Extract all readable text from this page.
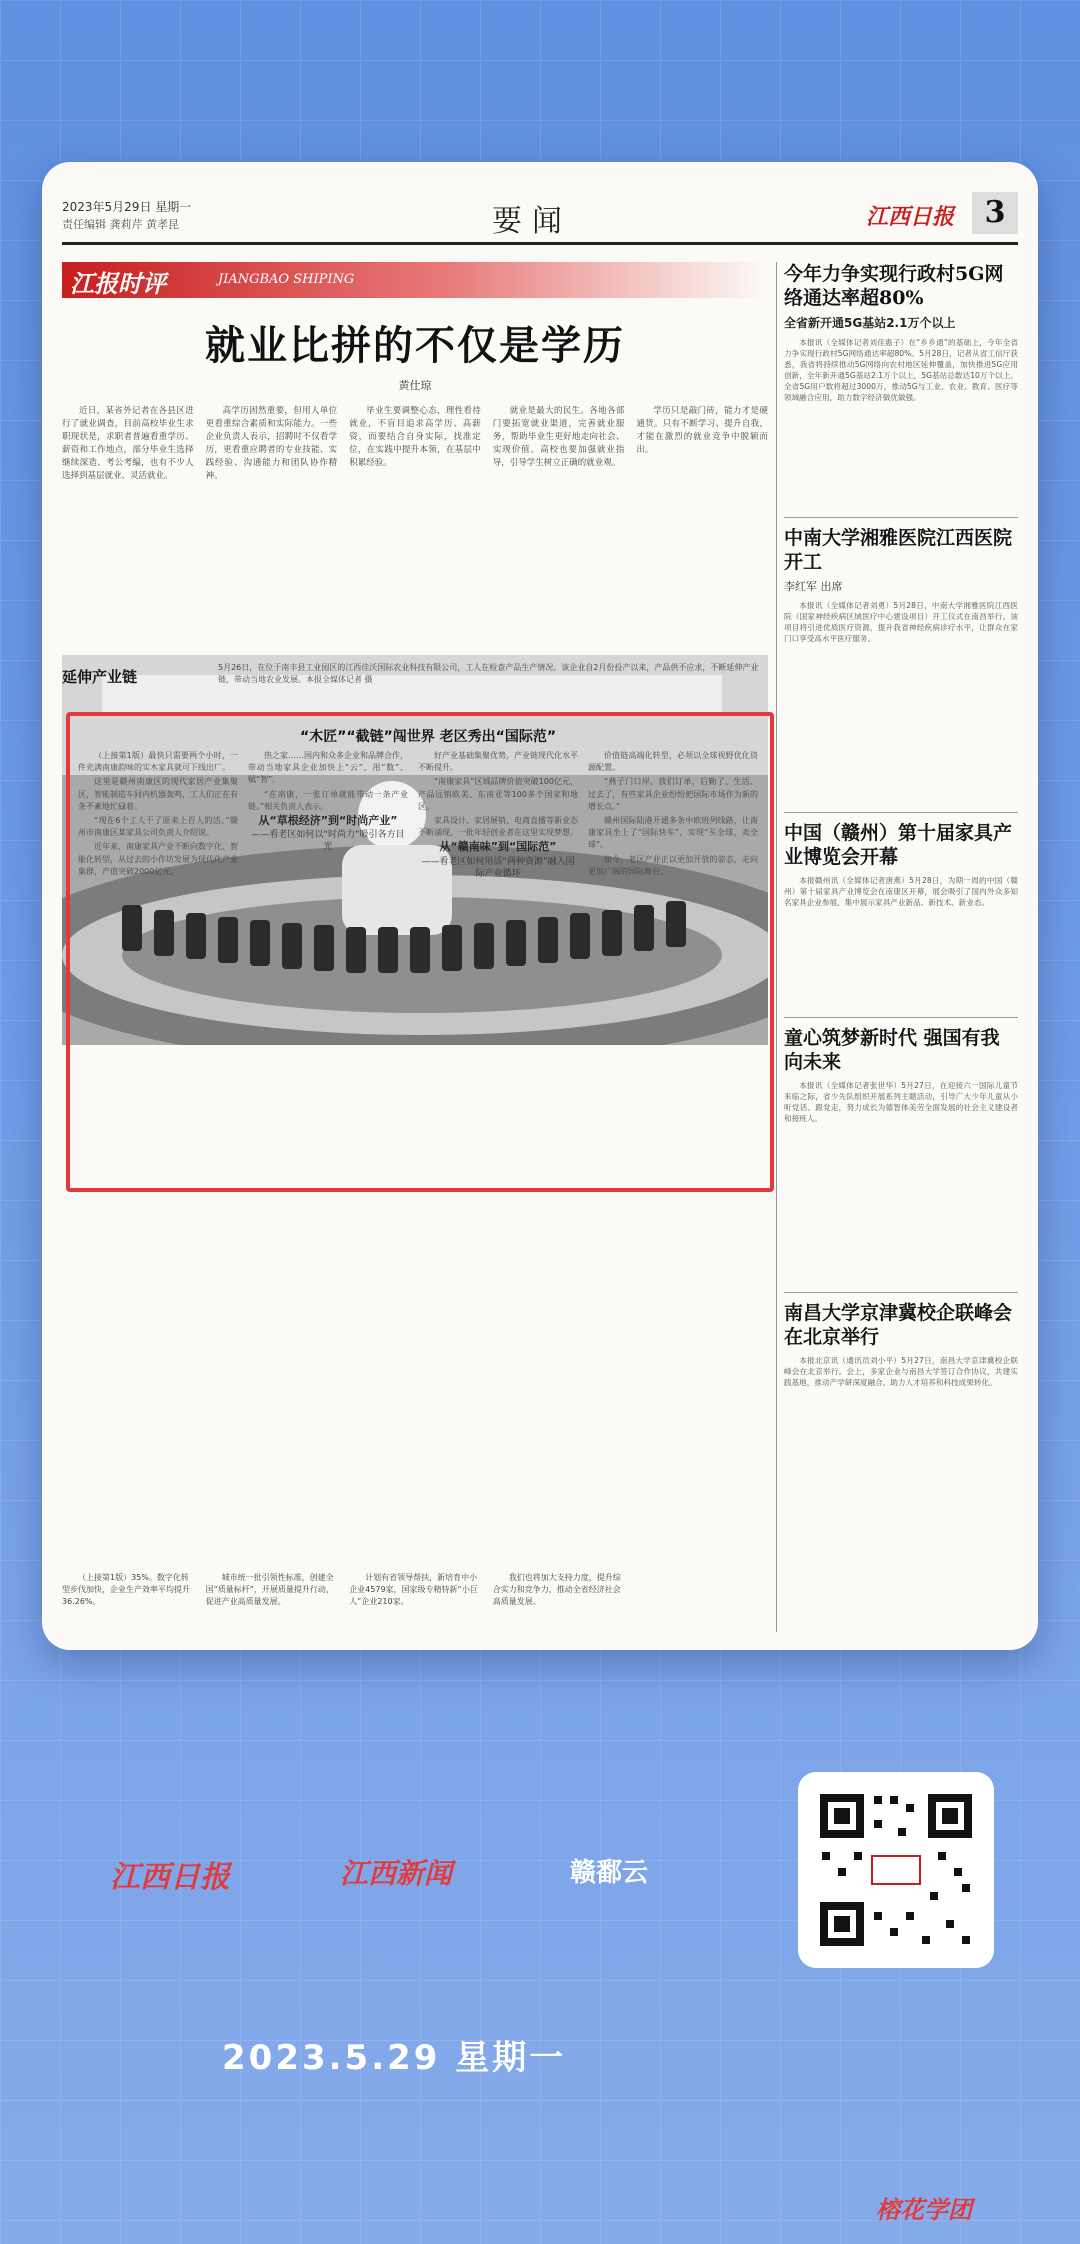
2023年5月29日 星期一
责任编辑 龚莉芹 黄孝昆	要闻	江西日报	3
江报时评	JIANGBAO SHIPING
就业比拼的不仅是学历
黄仕琼

近日，某省外记者在各县区进行了就业调查，目前高校毕业生求职现状是，求职者普遍看重学历、薪资和工作地点，部分毕业生选择继续深造、考公考编，也有不少人选择到基层就业、灵活就业。

高学历固然重要，但用人单位更看重综合素质和实际能力。一些企业负责人表示，招聘时不仅看学历，更看重应聘者的专业技能、实践经验、沟通能力和团队协作精神。

毕业生要调整心态，理性看待就业，不盲目追求高学历、高薪资，而要结合自身实际，找准定位，在实践中提升本领，在基层中积累经验。

就业是最大的民生。各地各部门要拓宽就业渠道，完善就业服务，帮助毕业生更好地走向社会、实现价值。高校也要加强就业指导，引导学生树立正确的就业观。

学历只是敲门砖，能力才是硬通货。只有不断学习、提升自我，才能在激烈的就业竞争中脱颖而出。

延伸产业链
5月26日，在位于南丰县工业园区的江西佳沃国际农业科技有限公司，工人在检查产品生产情况。该企业自2月份投产以来，产品供不应求，不断延伸产业链，带动当地农业发展。本报全媒体记者 摄
“木匠”“截链”闯世界 老区秀出“国际范”

（上接第1版）最快只需要两个小时，一件充满南康韵味的实木家具就可下线出厂。

这里是赣州南康区的现代家居产业集聚区，智能制造车间内机器轰鸣，工人们正在有条不紊地忙碌着。

“现在6个工人干了原来上百人的活。”赣州市南康区某家具公司负责人介绍说。

近年来，南康家具产业不断向数字化、智能化转型，从过去的小作坊发展为现代化产业集群，产值突破2000亿元。

热之家……国内和众多企业和品牌合作，带动当地家具企业加快上“云”、用“数”、赋“智”。

“在南康，一张订单就能带动一条产业链。”相关负责人表示。

从“草根经济”到“时尚产业”

——看老区如何以“时尚力”吸引各方目光

好产业基础集聚优势，产业链现代化水平不断提升。

“南康家具”区域品牌价值突破100亿元，产品远销欧美、东南亚等100多个国家和地区。

家具设计、家居展销、电商直播等新业态不断涌现，一批年轻创业者在这里实现梦想。

从“赣南味”到“国际范”

——看老区如何用活“两种资源”融入国际产业循环

价值链高端化转型，必须以全球视野优化资源配置。

“燕子门口岸，我们订单，后勤了、生活、过去了，有些家具企业纷纷把国际市场作为新的增长点。”

赣州国际陆港开通多条中欧班列线路，让南康家具坐上了“国际快车”，实现“买全球、卖全球”。

如今，老区产业正以更加开放的姿态，走向更加广阔的国际舞台。

（上接第1版）35%。数字化转型步伐加快，企业生产效率平均提升36.26%。

城市统一批引领性标准，创建全国“质量标杆”，开展质量提升行动，促进产业高质量发展。

计划有省领导帮扶，新培育中小企业4579家，国家级专精特新“小巨人”企业210家。

我们也将加大支持力度，提升综合实力和竞争力，推动全省经济社会高质量发展。

今年力争实现行政村5G网络通达率超80%
全省新开通5G基站2.1万个以上

本报讯（全媒体记者刘佳惠子）在“乡乡通”的基础上，今年全省力争实现行政村5G网络通达率超80%。5月28日，记者从省工信厅获悉，我省将持续推动5G网络向农村地区延伸覆盖，加快推进5G应用创新，全年新开通5G基站2.1万个以上，5G基站总数达10万个以上。全省5G用户数将超过3000万，推动5G与工业、农业、教育、医疗等领域融合应用，助力数字经济做优做强。

中南大学湘雅医院江西医院开工
李红军 出席

本报讯（全媒体记者刘勇）5月28日，中南大学湘雅医院江西医院（国家神经疾病区域医疗中心建设项目）开工仪式在南昌举行。该项目将引进优质医疗资源，提升我省神经疾病诊疗水平，让群众在家门口享受高水平医疗服务。

中国（赣州）第十届家具产业博览会开幕

本报赣州讯（全媒体记者唐燕）5月28日，为期一周的中国（赣州）第十届家具产业博览会在南康区开幕，展会吸引了国内外众多知名家具企业参展，集中展示家具产业新品、新技术、新业态。

童心筑梦新时代 强国有我向未来

本报讯（全媒体记者张世华）5月27日，在迎接六一国际儿童节来临之际，省少先队组织开展系列主题活动，引导广大少年儿童从小听党话、跟党走，努力成长为德智体美劳全面发展的社会主义建设者和接班人。

南昌大学京津冀校企联峰会在北京举行

本报北京讯（通讯员刘小平）5月27日，南昌大学京津冀校企联峰会在北京举行。会上，多家企业与南昌大学签订合作协议，共建实践基地，推动产学研深度融合，助力人才培养和科技成果转化。

江西日报	江西新闻	赣鄱云
2023.5.29 星期一
榕花学团
